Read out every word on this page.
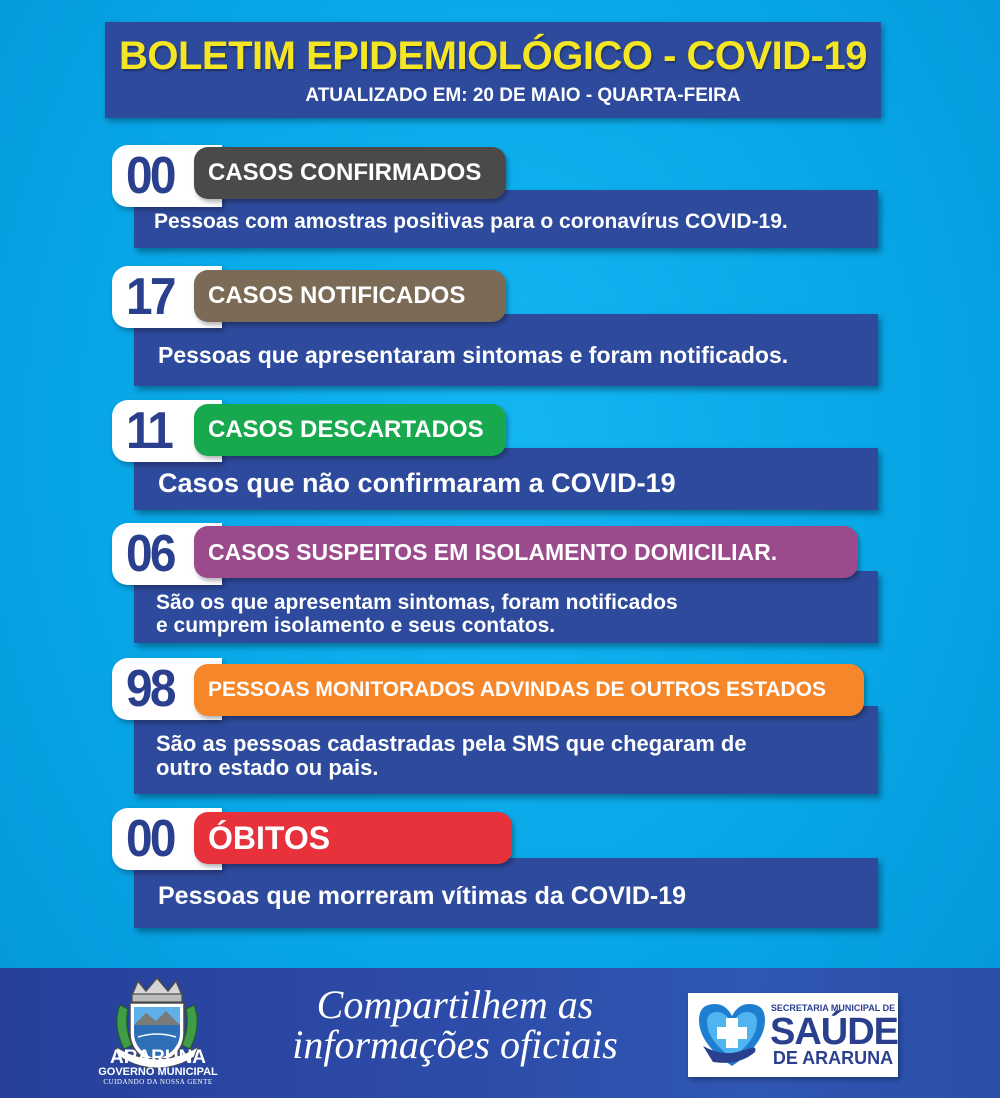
BOLETIM EPIDEMIOLÓGICO - COVID-19
ATUALIZADO EM: 20 DE MAIO - QUARTA-FEIRA
Pessoas com amostras positivas para o coronavírus COVID-19.
00	CASOS CONFIRMADOS
Pessoas que apresentaram sintomas e foram notificados.
17	CASOS NOTIFICADOS
Casos que não confirmaram a COVID-19
11	CASOS DESCARTADOS
São os que apresentam sintomas, foram notificados
e cumprem isolamento e seus contatos.
06	CASOS SUSPEITOS EM ISOLAMENTO DOMICILIAR.
São as pessoas cadastradas pela SMS que chegaram de
outro estado ou pais.
98	PESSOAS MONITORADOS ADVINDAS DE OUTROS ESTADOS
Pessoas que morreram vítimas da COVID-19
00	ÓBITOS
ARARUNA
GOVERNO MUNICIPAL
CUIDANDO DA NOSSA GENTE
Compartilhem as
informações oficiais
SECRETARIA MUNICIPAL DE
SAÚDE
DE ARARUNA
